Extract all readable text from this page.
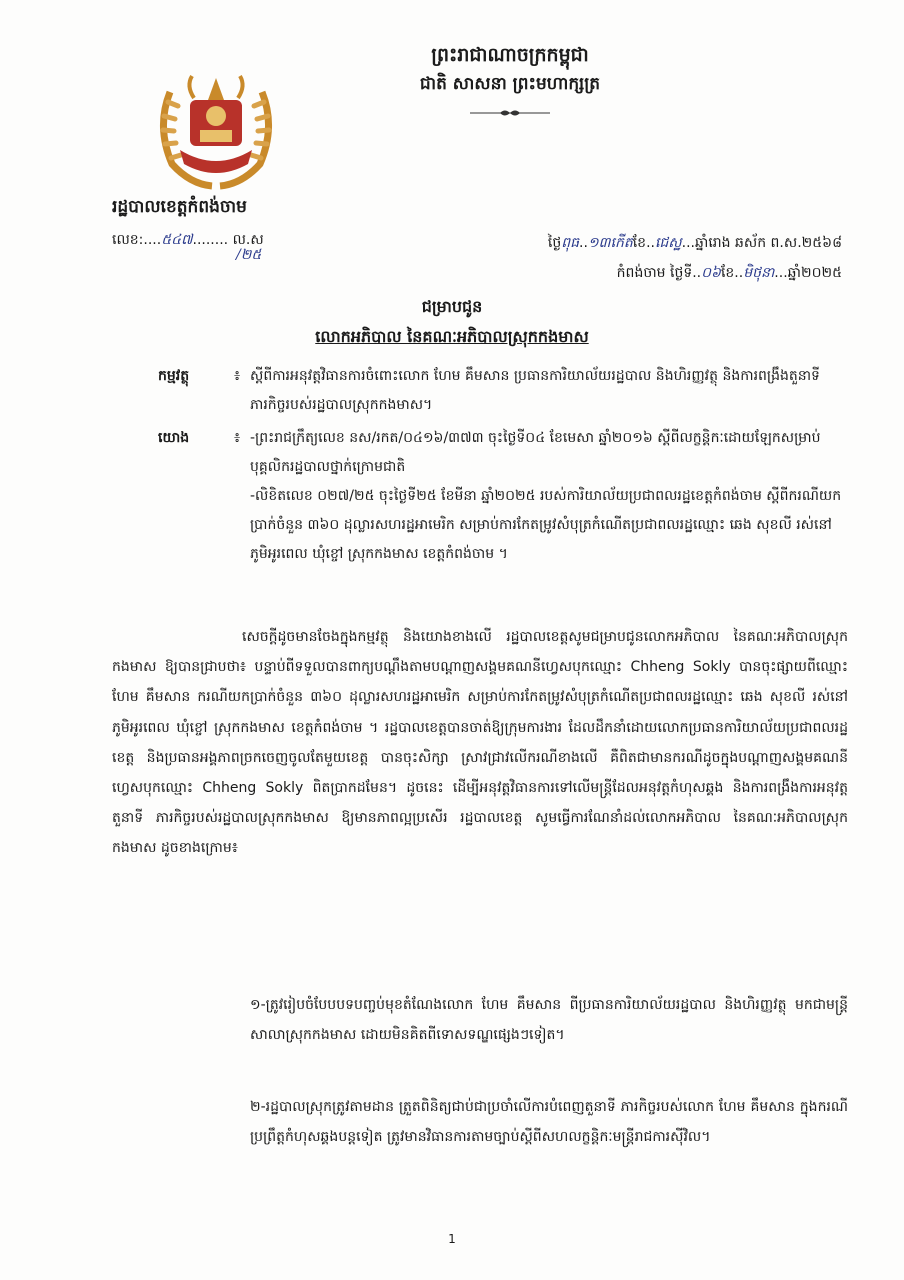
ព្រះរាជាណាចក្រកម្ពុជា
ជាតិ សាសនា ព្រះមហាក្សត្រ
រដ្ឋបាលខេត្តកំពង់ចាម
លេខ:....៥៤៧........ ល.ស
/២៥
ថ្ងៃពុធ..១៣កើតខែ..ជេស្ឋ...ឆ្នាំរោង ឆស័ក ព.ស.២៥៦៨
កំពង់ចាម ថ្ងៃទី..០៦ខែ..មិថុនា...ឆ្នាំ២០២៥
ជម្រាបជូន
លោកអភិបាល នៃគណៈអភិបាលស្រុកកងមាស
កម្មវត្ថុ	៖ ស្ដីពីការអនុវត្តវិធានការចំពោះលោក ហែម គឹមសាន ប្រធានការិយាល័យរដ្ឋបាល និងហិរញ្ញវត្ថុ និងការពង្រឹងតួនាទី ភារកិច្ចរបស់រដ្ឋបាលស្រុកកងមាស។
យោង	៖ -ព្រះរាជក្រឹត្យលេខ នស/រកត/០៤១៦/៣៧៣ ចុះថ្ងៃទី០៤ ខែមេសា ឆ្នាំ២០១៦ ស្ដីពីលក្ខន្តិកៈដោយឡែកសម្រាប់បុគ្គលិករដ្ឋបាលថ្នាក់ក្រោមជាតិ
-លិខិតលេខ ០២៧/២៥ ចុះថ្ងៃទី២៥ ខែមីនា ឆ្នាំ២០២៥ របស់ការិយាល័យប្រជាពលរដ្ឋខេត្តកំពង់ចាម ស្ដីពីករណីយកប្រាក់ចំនួន ៣៦០ ដុល្លារសហរដ្ឋអាមេរិក សម្រាប់ការកែតម្រូវសំបុត្រកំណើតប្រជាពលរដ្ឋឈ្មោះ ឆេង សុខលី រស់នៅភូមិអូរពេល ឃុំខ្ចៅ ស្រុកកងមាស ខេត្តកំពង់ចាម ។
សេចក្ដីដូចមានចែងក្នុងកម្មវត្ថុ និងយោងខាងលើ រដ្ឋបាលខេត្តសូមជម្រាបជូនលោកអភិបាល នៃគណៈអភិបាលស្រុកកងមាស ឱ្យបានជ្រាបថា៖ បន្ទាប់ពីទទួលបានពាក្យបណ្ដឹងតាមបណ្ដាញសង្គមគណនីហ្វេសបុកឈ្មោះ Chheng Sokly បានចុះផ្សាយពីឈ្មោះ ហែម គឹមសាន ករណីយកប្រាក់ចំនួន ៣៦០ ដុល្លារសហរដ្ឋអាមេរិក សម្រាប់ការកែតម្រូវសំបុត្រកំណើតប្រជាពលរដ្ឋឈ្មោះ ឆេង សុខលី រស់នៅភូមិអូរពេល ឃុំខ្ចៅ ស្រុកកងមាស ខេត្តកំពង់ចាម ។ រដ្ឋបាលខេត្តបានចាត់ឱ្យក្រុមការងារ ដែលដឹកនាំដោយលោកប្រធានការិយាល័យប្រជាពលរដ្ឋខេត្ត និងប្រធានអង្គភាពច្រកចេញចូលតែមួយខេត្ត បានចុះសិក្សា ស្រាវជ្រាវលើករណីខាងលើ គឺពិតជាមានករណីដូចក្នុងបណ្ដាញសង្គមគណនីហ្វេសបុកឈ្មោះ Chheng Sokly ពិតប្រាកដមែន។ ដូចនេះ ដើម្បីអនុវត្តវិធានការទៅលើមន្ត្រីដែលអនុវត្តកំហុសឆ្គង និងការពង្រឹងការអនុវត្តតួនាទី ភារកិច្ចរបស់រដ្ឋបាលស្រុកកងមាស ឱ្យមានភាពល្អប្រសើរ រដ្ឋបាលខេត្ត សូមធ្វើការណែនាំដល់លោកអភិបាល នៃគណៈអភិបាលស្រុកកងមាស ដូចខាងក្រោម៖
១-ត្រូវរៀបចំបែបបទបញ្ចប់មុខតំណែងលោក ហែម គឹមសាន ពីប្រធានការិយាល័យរដ្ឋបាល និងហិរញ្ញវត្ថុ មកជាមន្ត្រីសាលាស្រុកកងមាស ដោយមិនគិតពីទោសទណ្ឌផ្សេងៗទៀត។
២-រដ្ឋបាលស្រុកត្រូវតាមដាន ត្រួតពិនិត្យជាប់ជាប្រចាំលើការបំពេញតួនាទី ភារកិច្ចរបស់លោក ហែម គឹមសាន ក្នុងករណីប្រព្រឹត្តកំហុសឆ្គងបន្តទៀត ត្រូវមានវិធានការតាមច្បាប់ស្ដីពីសហលក្ខន្តិកៈមន្ត្រីរាជការស៊ីវិល។
1
